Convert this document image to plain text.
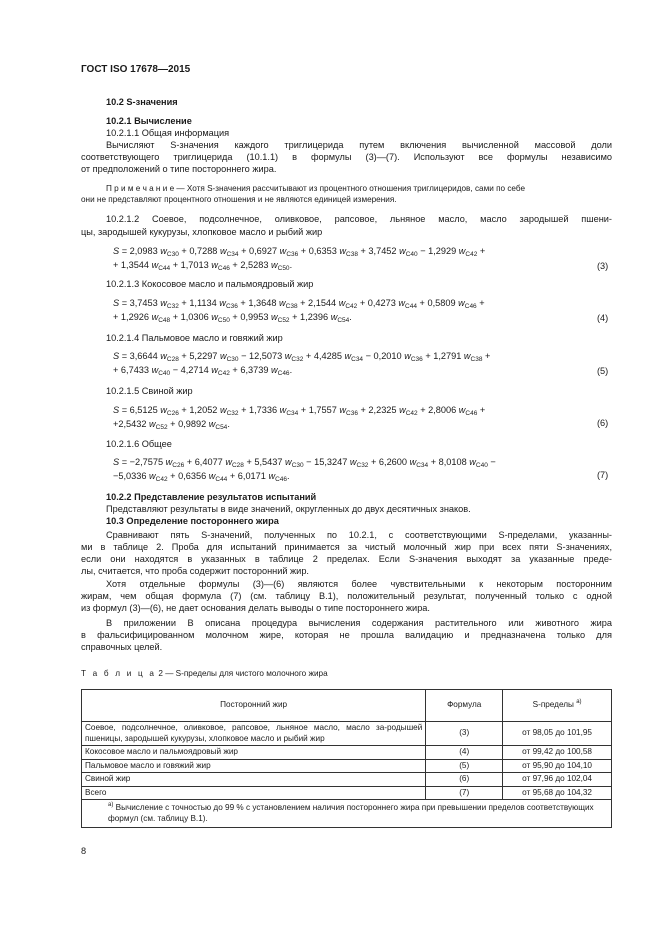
ГОСТ ISO 17678—2015
10.2 S-значения
10.2.1 Вычисление
10.2.1.1 Общая информация
Вычисляют S-значения каждого триглицерида путем включения вычисленной массовой доли
соответствующего триглицерида (10.1.1) в формулы (3)—(7). Используют все формулы независимо
от предположений о типе постороннего жира.
П р и м е ч а н и е — Хотя S-значения рассчитывают из процентного отношения триглицеридов, сами по себе
они не представляют процентного отношения и не являются единицей измерения.
10.2.1.2 Соевое, подсолнечное, оливковое, рапсовое, льняное масло, масло зародышей пшени-
цы, зародышей кукурузы, хлопковое масло и рыбий жир
S = 2,0983 $w_{C30} + 0,7288$ $w_{C34} + 0,6927$ $w_{C36} + 0,6353$ $w_{C38} + 3,7452$ $w_{C40} - 1,2929$ $w_{C42}$ +
+ 1,3544 $w_{C44} + 1,7013$ $w_{C46} + 2,5283$ $w_{C50}$.	(3)
10.2.1.3 Кокосовое масло и пальмоядровый жир
S = 3,7453 $w_{C32} + 1,1134$ $w_{C36} + 1,3648$ $w_{C38} + 2,1544$ $w_{C42} + 0,4273$ $w_{C44} + 0,5809$ $w_{C46}$ +
+ 1,2926 $w_{C48} + 1,0306$ $w_{C50} + 0,9953$ $w_{C52} + 1,2396$ $w_{C54}$.	(4)
10.2.1.4 Пальмовое масло и говяжий жир
S = 3,6644 $w_{C28} + 5,2297$ $w_{C30} - 12,5073$ $w_{C32} + 4,4285$ $w_{C34} - 0,2010$ $w_{C36} + 1,2791$ $w_{C38}$ +
+ 6,7433 $w_{C40} - 4,2714$ $w_{C42} + 6,3739$ $w_{C46}$.	(5)
10.2.1.5 Свиной жир
S = 6,5125 $w_{C26} + 1,2052$ $w_{C32} + 1,7336$ $w_{C34} + 1,7557$ $w_{C36} + 2,2325$ $w_{C42} + 2,8006$ $w_{C46}$ +
+2,5432 $w_{C52} + 0,9892$ $w_{C54}$.	(6)
10.2.1.6 Общее
S = −2,7575 $w_{C26} + 6,4077$ $w_{C28} + 5,5437$ $w_{C30} - 15,3247$ $w_{C32} + 6,2600$ $w_{C34} + 8,0108$ $w_{C40}$ −
−5,0336 $w_{C42} + 0,6356$ $w_{C44} + 6,0171$ $w_{C46}$.	(7)
10.2.2 Представление результатов испытаний
Представляют результаты в виде значений, округленных до двух десятичных знаков.
10.3 Определение постороннего жира
Сравнивают пять S-значений, полученных по 10.2.1, с соответствующими S-пределами, указанны-
ми в таблице 2. Проба для испытаний принимается за чистый молочный жир при всех пяти S-значениях,
если они находятся в указанных в таблице 2 пределах. Если S-значения выходят за указанные преде-
лы, считается, что проба содержит посторонний жир.
Хотя отдельные формулы (3)—(6) являются более чувствительными к некоторым посторонним
жирам, чем общая формула (7) (см. таблицу В.1), положительный результат, полученный только с одной
из формул (3)—(6), не дает основания делать выводы о типе постороннего жира.
В приложении В описана процедура вычисления содержания растительного или животного жира
в фальсифицированном молочном жире, которая не прошла валидацию и предназначена только для
справочных целей.
Т а б л и ц а 2 — S-пределы для чистого молочного жира
Посторонний жир	Формула	S-пределы $^{а)}$
Соевое, подсолнечное, оливковое, рапсовое, льняное масло, масло за-родышей пшеницы, зародышей кукурузы, хлопковое масло и рыбий жир	(3)	от 98,05 до 101,95
Кокосовое масло и пальмоядровый жир	(4)	от 99,42 до 100,58
Пальмовое масло и говяжий жир	(5)	от 95,90 до 104,10
Свиной жир	(6)	от 97,96 до 102,04
Всего	(7)	от 95,68 до 104,32
$^{а)}$ Вычисление с точностью до 99 % с установлением наличия постороннего жира при превышении пределов соответствующих формул (см. таблицу В.1).		
8
